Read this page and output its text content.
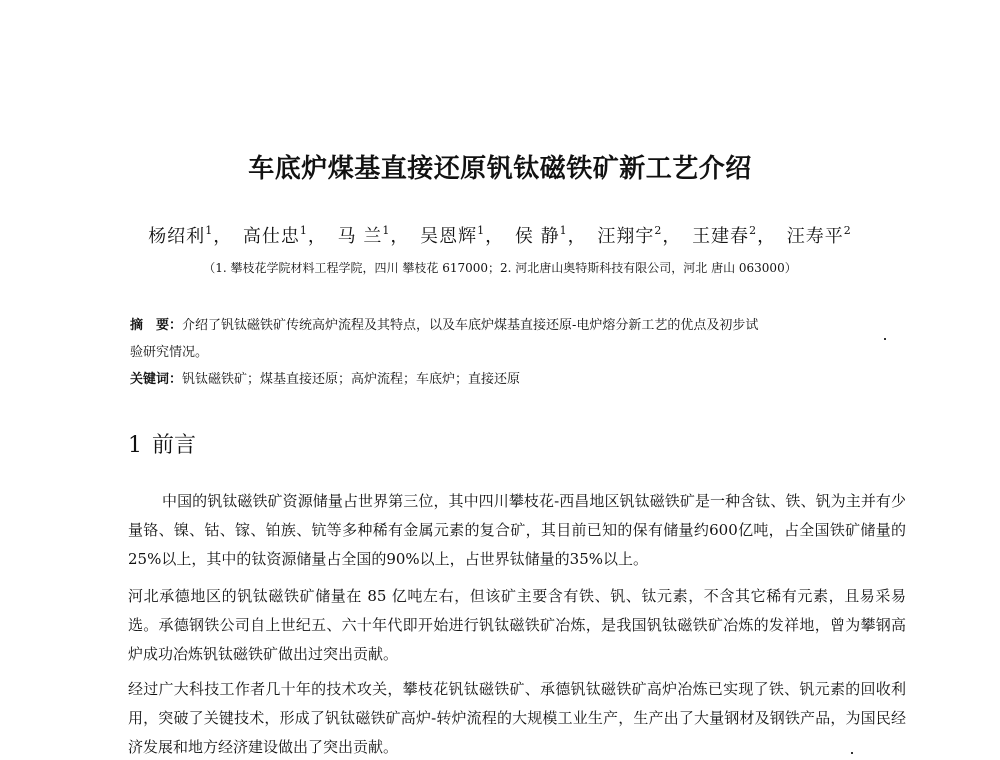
车底炉煤基直接还原钒钛磁铁矿新工艺介绍
杨绍利$^1$， 高仕忠$^1$， 马 兰$^1$， 吴恩辉$^1$， 侯 静$^1$， 汪翔宇$^2$， 王建春$^2$， 汪寿平$^2$
（1. 攀枝花学院材料工程学院，四川 攀枝花 617000；2. 河北唐山奥特斯科技有限公司，河北 唐山 063000）

摘　要：介绍了钒钛磁铁矿传统高炉流程及其特点，以及车底炉煤基直接还原-电炉熔分新工艺的优点及初步试

验研究情况。

关键词：钒钛磁铁矿；煤基直接还原；高炉流程；车底炉；直接还原

1 前言

中国的钒钛磁铁矿资源储量占世界第三位，其中四川攀枝花-西昌地区钒钛磁铁矿是一种含钛、铁、钒为主并有少量铬、镍、钴、镓、铂族、钪等多种稀有金属元素的复合矿，其目前已知的保有储量约600亿吨，占全国铁矿储量的25%以上，其中的钛资源储量占全国的90%以上，占世界钛储量的35%以上。

河北承德地区的钒钛磁铁矿储量在 85 亿吨左右，但该矿主要含有铁、钒、钛元素，不含其它稀有元素，且易采易选。承德钢铁公司自上世纪五、六十年代即开始进行钒钛磁铁矿冶炼，是我国钒钛磁铁矿冶炼的发祥地，曾为攀钢高炉成功冶炼钒钛磁铁矿做出过突出贡献。

经过广大科技工作者几十年的技术攻关，攀枝花钒钛磁铁矿、承德钒钛磁铁矿高炉冶炼已实现了铁、钒元素的回收利用，突破了关键技术，形成了钒钛磁铁矿高炉-转炉流程的大规模工业生产，生产出了大量钢材及钢铁产品，为国民经济发展和地方经济建设做出了突出贡献。
